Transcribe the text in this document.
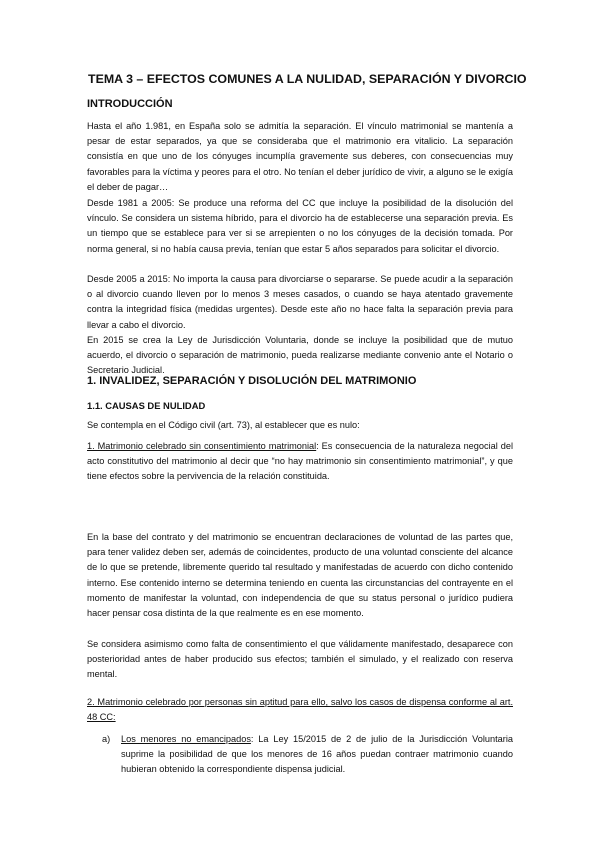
TEMA 3 – EFECTOS COMUNES A LA NULIDAD, SEPARACIÓN Y DIVORCIO
INTRODUCCIÓN

Hasta el año 1.981, en España solo se admitía la separación. El vínculo matrimonial se mantenía a pesar de estar separados, ya que se consideraba que el matrimonio era vitalicio. La separación consistía en que uno de los cónyuges incumplía gravemente sus deberes, con consecuencias muy favorables para la víctima y peores para el otro. No tenían el deber jurídico de vivir, a alguno se le exigía el deber de pagar…

Desde 1981 a 2005: Se produce una reforma del CC que incluye la posibilidad de la disolución del vínculo. Se considera un sistema híbrido, para el divorcio ha de establecerse una separación previa. Es un tiempo que se establece para ver si se arrepienten o no los cónyuges de la decisión tomada. Por norma general, si no había causa previa, tenían que estar 5 años separados para solicitar el divorcio.

Desde 2005 a 2015: No importa la causa para divorciarse o separarse. Se puede acudir a la separación o al divorcio cuando lleven por lo menos 3 meses casados, o cuando se haya atentado gravemente contra la integridad física (medidas urgentes). Desde este año no hace falta la separación previa para llevar a cabo el divorcio.

En 2015 se crea la Ley de Jurisdicción Voluntaria, donde se incluye la posibilidad que de mutuo acuerdo, el divorcio o separación de matrimonio, pueda realizarse mediante convenio ante el Notario o Secretario Judicial.

1. INVALIDEZ, SEPARACIÓN Y DISOLUCIÓN DEL MATRIMONIO
1.1. CAUSAS DE NULIDAD

Se contempla en el Código civil (art. 73), al establecer que es nulo:

1. Matrimonio celebrado sin consentimiento matrimonial: Es consecuencia de la naturaleza negocial del acto constitutivo del matrimonio al decir que “no hay matrimonio sin consentimiento matrimonial”, y que tiene efectos sobre la pervivencia de la relación constituida.

En la base del contrato y del matrimonio se encuentran declaraciones de voluntad de las partes que, para tener validez deben ser, además de coincidentes, producto de una voluntad consciente del alcance de lo que se pretende, libremente querido tal resultado y manifestadas de acuerdo con dicho contenido interno. Ese contenido interno se determina teniendo en cuenta las circunstancias del contrayente en el momento de manifestar la voluntad, con independencia de que su status personal o jurídico pudiera hacer pensar cosa distinta de la que realmente es en ese momento.

Se considera asimismo como falta de consentimiento el que válidamente manifestado, desaparece con posterioridad antes de haber producido sus efectos; también el simulado, y el realizado con reserva mental.

2. Matrimonio celebrado por personas sin aptitud para ello, salvo los casos de dispensa conforme al art. 48 CC:

a) Los menores no emancipados: La Ley 15/2015 de 2 de julio de la Jurisdicción Voluntaria suprime la posibilidad de que los menores de 16 años puedan contraer matrimonio cuando hubieran obtenido la correspondiente dispensa judicial.
